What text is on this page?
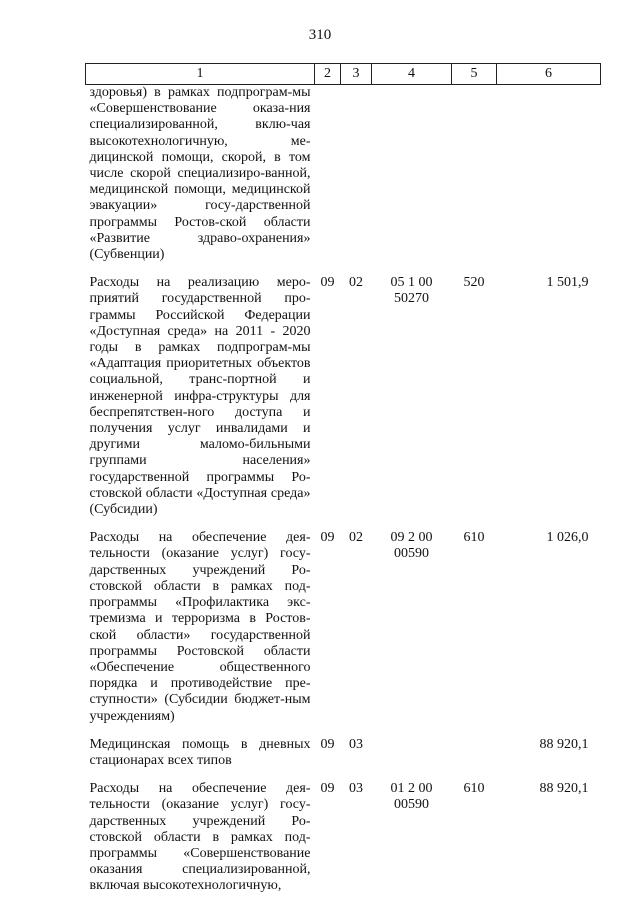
310
1	2	3	4	5	6
здоровья) в рамках подпрограм-мы «Совершенствование оказа-ния специализированной, вклю-чая высокотехнологичную, ме-дицинской помощи, скорой, в том числе скорой специализиро-ванной, медицинской помощи, медицинской эвакуации» госу-дарственной программы Ростов-ской области «Развитие здраво-охранения» (Субвенции)					
Расходы на реализацию меро-приятий государственной про-граммы Российской Федерации «Доступная среда» на 2011 - 2020 годы в рамках подпрограм-мы «Адаптация приоритетных объектов социальной, транс-портной и инженерной инфра-структуры для беспрепятствен-ного доступа и получения услуг инвалидами и другими маломо-бильными группами населения» государственной программы Ро-стовской области «Доступная среда» (Субсидии)	09	02	05 1 00 50270	520	1 501,9
Расходы на обеспечение дея-тельности (оказание услуг) госу-дарственных учреждений Ро-стовской области в рамках под-программы «Профилактика экс-тремизма и терроризма в Ростов-ской области» государственной программы Ростовской области «Обеспечение общественного порядка и противодействие пре-ступности» (Субсидии бюджет-ным учреждениям)	09	02	09 2 00 00590	610	1 026,0
Медицинская помощь в дневных стационарах всех типов	09	03			88 920,1
Расходы на обеспечение дея-тельности (оказание услуг) госу-дарственных учреждений Ро-стовской области в рамках под-программы «Совершенствование оказания специализированной, включая высокотехнологичную,	09	03	01 2 00 00590	610	88 920,1
